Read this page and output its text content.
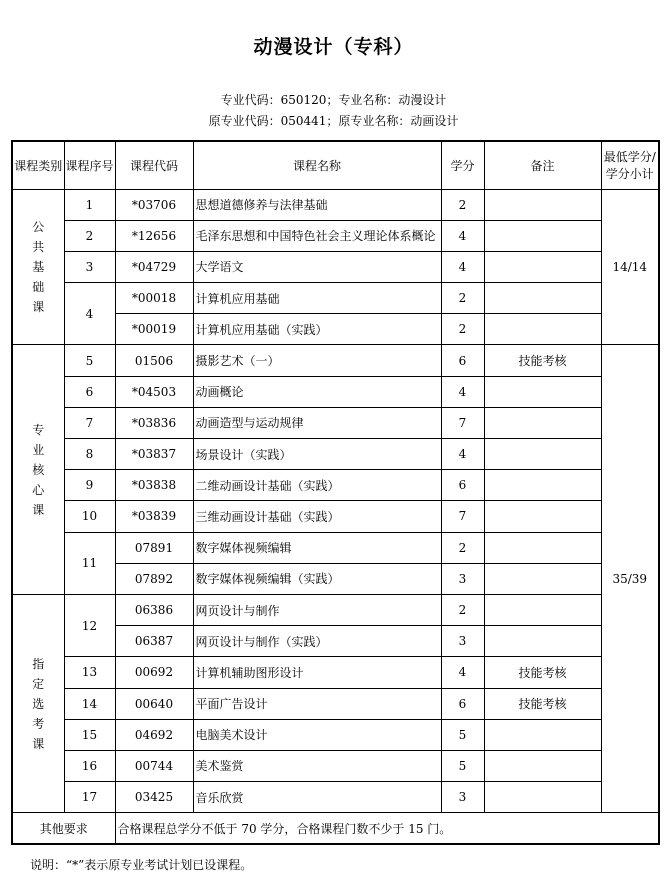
动漫设计（专科）
专业代码：650120；专业名称：动漫设计
原专业代码：050441；原专业名称：动画设计
课程类别	课程序号	课程代码	课程名称	学分	备注	最低学分/学分小计

公共基础课	1	*03706	思想道德修养与法律基础	2		14/14
	2	*12656	毛泽东思想和中国特色社会主义理论体系概论	4		
	3	*04729	大学语文	4		
	4	*00018	计算机应用基础	2		
		*00019	计算机应用基础（实践）	2		

专业核心课	5	01506	摄影艺术（一）	6	技能考核	35/39
	6	*04503	动画概论	4		
	7	*03836	动画造型与运动规律	7		
	8	*03837	场景设计（实践）	4		
	9	*03838	二维动画设计基础（实践）	6		
	10	*03839	三维动画设计基础（实践）	7		
	11	07891	数字媒体视频编辑	2		
		07892	数字媒体视频编辑（实践）	3		

指定选考课	12	06386	网页设计与制作	2		
		06387	网页设计与制作（实践）	3		
	13	00692	计算机辅助图形设计	4	技能考核	
	14	00640	平面广告设计	6	技能考核	
	15	04692	电脑美术设计	5		
	16	00744	美术鉴赏	5		
	17	03425	音乐欣赏	3		
其他要求		合格课程总学分不低于 70 学分，合格课程门数不少于 15 门。				
说明：“*”表示原专业考试计划已设课程。
